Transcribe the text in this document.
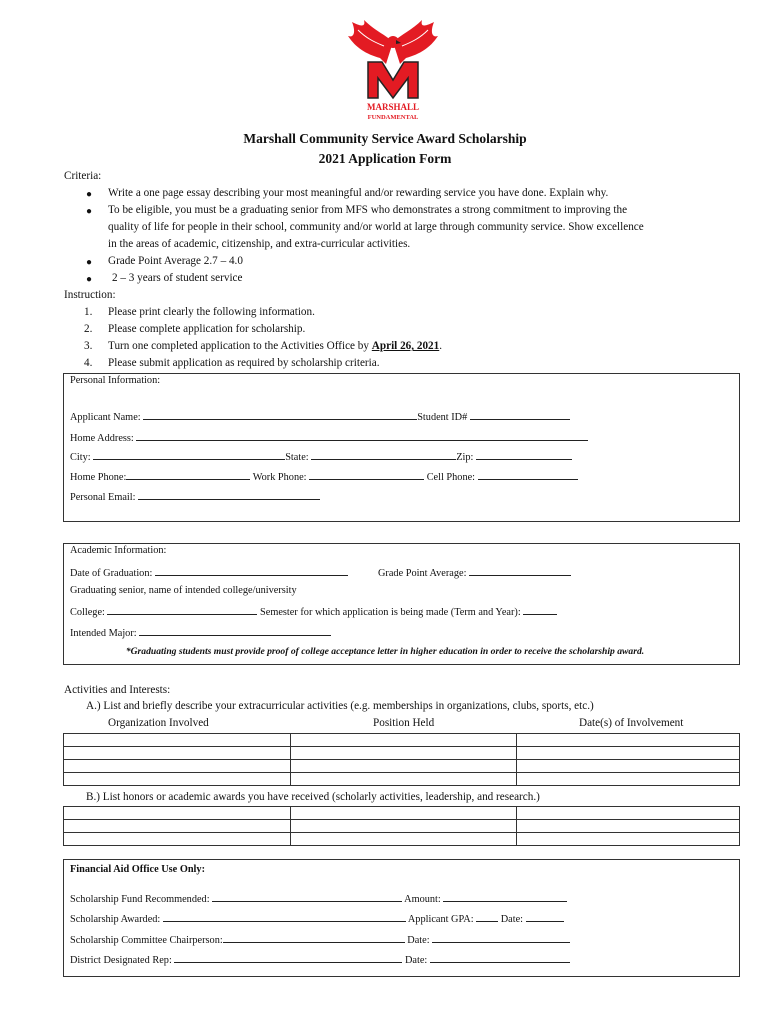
MARSHALL
FUNDAMENTAL
Marshall Community Service Award Scholarship
2021 Application Form
Criteria:
● Write a one page essay describing your most meaningful and/or rewarding service you have done. Explain why.
● To be eligible, you must be a graduating senior from MFS who demonstrates a strong commitment to improving the
quality of life for people in their school, community and/or world at large through community service. Show excellence
in the areas of academic, citizenship, and extra-curricular activities.
● Grade Point Average 2.7 – 4.0
● 2 – 3 years of student service
Instruction:
1. Please print clearly the following information.
2. Please complete application for scholarship.
3. Turn one completed application to the Activities Office by April 26, 2021.
4. Please submit application as required by scholarship criteria.
Personal Information:
Applicant Name:	Student ID#
Home Address:
City:	State:	Zip:
Home Phone:	Work Phone:	Cell Phone:
Personal Email:
Academic Information:
Date of Graduation:	Grade Point Average:
Graduating senior, name of intended college/university
College:	Semester for which application is being made (Term and Year):
Intended Major:
*Graduating students must provide proof of college acceptance letter in higher education in order to receive the scholarship award.
Activities and Interests:
A.) List and briefly describe your extracurricular activities (e.g. memberships in organizations, clubs, sports, etc.)
Organization Involved	Position Held	Date(s) of Involvement

B.) List honors or academic awards you have received (scholarly activities, leadership, and research.)

Financial Aid Office Use Only:
Scholarship Fund Recommended:	Amount:
Scholarship Awarded:	Applicant GPA:  Date:
Scholarship Committee Chairperson:	Date:
District Designated Rep:	Date:
